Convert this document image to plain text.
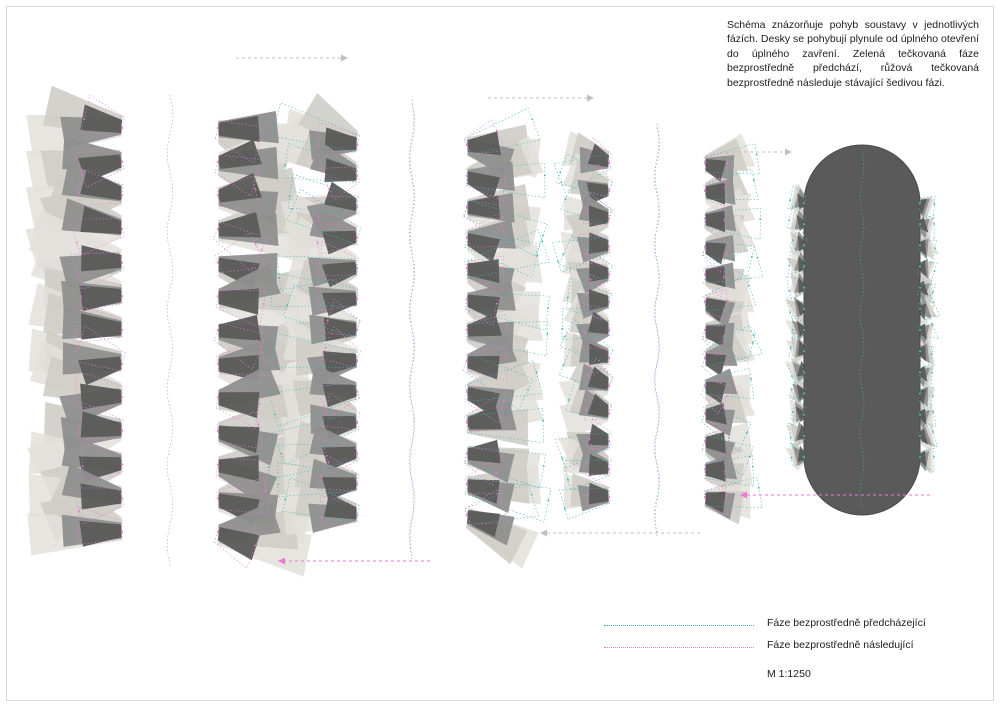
Schéma znázorňuje pohyb soustavy v jednotlivých fázích. Desky se pohybují plynule od úplného otevření do úplného zavření. Zelená tečkovaná fáze bezprostředně předchází, růžová tečkovaná bezprostředně následuje stávající šedivou fázi.

Fáze bezprostředně předcházející
Fáze bezprostředně následující
M 1:1250
